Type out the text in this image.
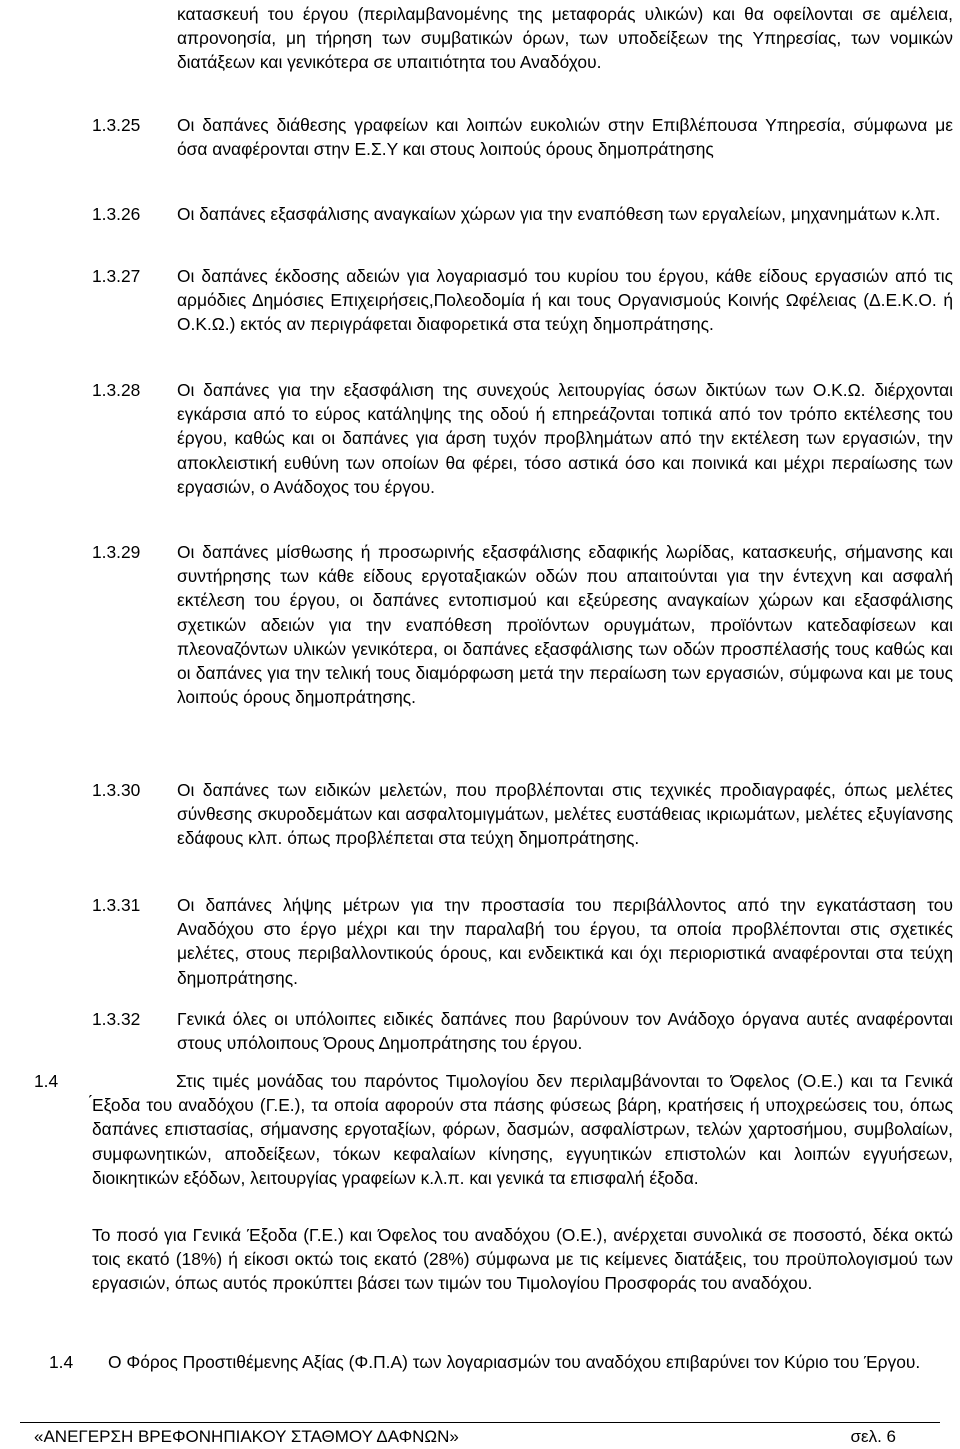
κατασκευή του έργου (περιλαμβανομένης της μεταφοράς υλικών) και θα οφείλονται σε αμέλεια, απρονοησία, μη τήρηση των συμβατικών όρων, των υποδείξεων της Υπηρεσίας, των νομικών διατάξεων και γενικότερα σε υπαιτιότητα του Αναδόχου.

1.3.25 Οι δαπάνες διάθεσης γραφείων και λοιπών ευκολιών στην Επιβλέπουσα Υπηρεσία, σύμφωνα με όσα αναφέρονται στην Ε.Σ.Υ και στους λοιπούς όρους δημοπράτησης

1.3.26 Οι δαπάνες εξασφάλισης αναγκαίων χώρων για την εναπόθεση των εργαλείων, μηχανημάτων κ.λπ.

1.3.27 Οι δαπάνες έκδοσης αδειών για λογαριασμό του κυρίου του έργου, κάθε είδους εργασιών από τις αρμόδιες Δημόσιες Επιχειρήσεις,Πολεοδομία ή και τους Οργανισμούς Κοινής Ωφέλειας (Δ.Ε.Κ.Ο. ή Ο.Κ.Ω.) εκτός αν περιγράφεται διαφορετικά στα τεύχη δημοπράτησης.

1.3.28 Οι δαπάνες για την εξασφάλιση της συνεχούς λειτουργίας όσων δικτύων των Ο.Κ.Ω. διέρχονται εγκάρσια από το εύρος κατάληψης της οδού ή επηρεάζονται τοπικά από τον τρόπο εκτέλεσης του έργου, καθώς και οι δαπάνες για άρση τυχόν προβλημάτων από την εκτέλεση των εργασιών, την αποκλειστική ευθύνη των οποίων θα φέρει, τόσο αστικά όσο και ποινικά και μέχρι περαίωσης των εργασιών, ο Ανάδοχος του έργου.

1.3.29 Οι δαπάνες μίσθωσης ή προσωρινής εξασφάλισης εδαφικής λωρίδας, κατασκευής, σήμανσης και συντήρησης των κάθε είδους εργοταξιακών οδών που απαιτούνται για την έντεχνη και ασφαλή εκτέλεση του έργου, οι δαπάνες εντοπισμού και εξεύρεσης αναγκαίων χώρων και εξασφάλισης σχετικών αδειών για την εναπόθεση προϊόντων ορυγμάτων, προϊόντων κατεδαφίσεων και πλεοναζόντων υλικών γενικότερα, οι δαπάνες εξασφάλισης των οδών προσπέλασής τους καθώς και οι δαπάνες για την τελική τους διαμόρφωση μετά την περαίωση των εργασιών, σύμφωνα και με τους λοιπούς όρους δημοπράτησης.

1.3.30 Οι δαπάνες των ειδικών μελετών, που προβλέπονται στις τεχνικές προδιαγραφές, όπως μελέτες σύνθεσης σκυροδεμάτων και ασφαλτομιγμάτων, μελέτες ευστάθειας ικριωμάτων, μελέτες εξυγίανσης εδάφους κλπ. όπως προβλέπεται στα τεύχη δημοπράτησης.

1.3.31 Οι δαπάνες λήψης μέτρων για την προστασία του περιβάλλοντος από την εγκατάσταση του Αναδόχου στο έργο μέχρι και την παραλαβή του έργου, τα οποία προβλέπονται στις σχετικές μελέτες, στους περιβαλλοντικούς όρους, και ενδεικτικά και όχι περιοριστικά αναφέρονται στα τεύχη δημοπράτησης.

1.3.32 Γενικά όλες οι υπόλοιπες ειδικές δαπάνες που βαρύνουν τον Ανάδοχο όργανα αυτές αναφέρονται στους υπόλοιπους Όρους Δημοπράτησης του έργου.

1.4	Στις τιμές μονάδας του παρόντος Τιμολογίου δεν περιλαμβάνονται το Όφελος (Ο.Ε.) και τα Γενικά ́Εξοδα του αναδόχου (Γ.Ε.), τα οποία αφορούν στα πάσης φύσεως βάρη, κρατήσεις ή υποχρεώσεις του, όπως δαπάνες επιστασίας, σήμανσης εργοταξίων, φόρων, δασμών, ασφαλίστρων, τελών χαρτοσήμου, συμβολαίων, συμφωνητικών, αποδείξεων, τόκων κεφαλαίων κίνησης, εγγυητικών επιστολών και λοιπών εγγυήσεων, διοικητικών εξόδων, λειτουργίας γραφείων κ.λ.π. και γενικά τα επισφαλή έξοδα.

Το ποσό για Γενικά Έξοδα (Γ.Ε.) και Όφελος του αναδόχου (Ο.Ε.), ανέρχεται συνολικά σε ποσοστό, δέκα οκτώ τοις εκατό (18%) ή είκοσι οκτώ τοις εκατό (28%) σύμφωνα με τις κείμενες διατάξεις, του προϋπολογισμού των εργασιών, όπως αυτός προκύπτει βάσει των τιμών του Τιμολογίου Προσφοράς του αναδόχου.

1.4 Ο Φόρος Προστιθέμενης Αξίας (Φ.Π.Α) των λογαριασμών του αναδόχου επιβαρύνει τον Κύριο του Έργου.

«ΑΝΕΓΕΡΣΗ ΒΡΕΦΟΝΗΠΙΑΚΟΥ ΣΤΑΘΜΟΥ ΔΑΦΝΩΝ»	σελ. 6
